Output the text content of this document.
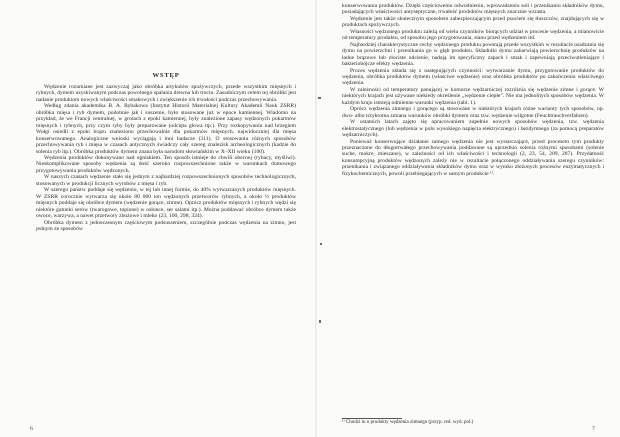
WSTĘP

Wędzenie rozumiane jest zazwyczaj jako obróbka artykułów spożywczych, przede wszystkim mięsnych i rybnych, dymem uzyskiwanym podczas powolnego spalania drewna lub trocin. Zasadniczym celem tej obróbki jest nadanie produktom nowych właściwości smakowych i zwiększenie ich trwałości podczas przechowywania.

Według zdania akademika B. A. Rybakowa (Instytut Historii Materialnej Kultury Akademii Nauk ZSRR) obróbka mięsa i ryb dymem, podobnie jak i suszenie, było stosowane już w epoce kamiennej. Wiadomo na przykład, że we Francji centralnej, w grotach z epoki kamiennej, były znalezione zapasy wędzonych pokarmów mięsnych i rybnych, przy czym ryby były preparowane (odcięta głowa itp.). Przy rozkopywaniu nad brzegiem Wołgi osiedli z epoki brązu znaleziono przechowalnie dla pokarmów mięsnych, najwidoczniej dla mięsa konserwowanego. Analogiczne wnioski wyciągają i inni badacze (311). O stosowaniu różnych sposobów przechowywania ryb i mięsa w czasach antycznych świadczy cały szereg znalezisk archeologicznych (kadzie do solenia ryb itp.). Obróbka produktów dymem znana była narodom słowiańskim w X–XII wieku (100).

Wędzenia produktów dokonywano nad ogniskiem. Ten sposób istnieje do chwili obecnej (rybacy, myśliwi). Nieskomplikowane sposoby wędzenia są dość szeroko rozpowszechnione także w warunkach domowego przygotowywania produktów wędzonych.

W naszych czasach wędzenie stało się jednym z najbardziej rozpowszechnionych sposobów technologicznych, stosowanych w produkcji licznych wyrobów z mięsa i ryb.

W szeregu państw poddaje się wędzeniu, w tej lub innej formie, do 40% wytwarzanych produktów mięsnych. W ZSRR corocznie wytwarza się około 80 000 ton wędzonych przetworów rybnych, a około ½ produktów mięsnych poddaje się obróbce dymem (wędzenie gorące, zimne). Oprócz produktów mięsnych i rybnych wędzi się niektóre gatunki serów (twarogowe, topione) w osłonce, ser salami itp.). Można poddawać obróbce dymem także owoce, warzywa, a nawet przetwory zbożowe i mleko (23, 100, 298, 324).

Obróbka dymem z jednoczesnym częściowym podsuszeniem, szczególnie podczas wędzenia na zimno, jest jednym ze sposobów

6

konserwowania produktów. Dzięki częściowemu odwodnieniu, wprowadzeniu soli i przenikaniu składników dymu, posiadających właściwości antyseptyczne, trwałość produktów mięsnych znacznie wzrasta.

Wędzenie jest także skutecznym sposobem zabezpieczającym przed psuciem się tłuszczów, znajdujących się w produktach spożywczych.

Własności wędzonego produktu zależą od wielu czynników biorących udział w procesie wędzenia, a mianowicie od temperatury produktu, od sposobu jego przygotowania, stanu przed wędzeniem itd.

Najbardziej charakterystyczne cechy wędzonego produktu powstają przede wszystkim w rezultacie osadzania się dymu na powierzchni i przenikania go w głąb produktu. Składniki dymu zabarwiają powierzchnię produktów na ładne brązowe lub złociste odcienie, nadają im specyficzny zapach i smak i zapewniają przeciwutleniające i bakteriobójcze efekty wędzenia.

Proces wędzenia składa się z następujących czynności: wytwarzanie dymu, przygotowanie produktów do wędzenia, obróbka produktów dymem (właściwe wędzenie) oraz obróbka produktów po zakończeniu właściwego wędzenia.

W zależności od temperatury panującej w komorze wędzarniczej rozróżnia się wędzenie zimne i gorące. W niektórych krajach jest używane niekiedy określenie „wędzenie ciepłe”. Nie ma jednolitych sposobów wędzenia. W każdym kraju istnieją odmienne warunki wędzenia (tabl. 1).

Oprócz wędzenia zimnego i gorącego są stosowane w niektórych krajach różne warianty tych sposobów, np. dwu- albo trzykrotna zmiana warunków obróbki dymem oraz tzw. wędzenie wilgotne (Feuchtrauchverfahren).

W ostatnich latach zajęto się opracowaniem zupełnie nowych sposobów wędzenia, tzw. wędzenia elektrostatycznego (lub wędzenia w polu wysokiego napięcia elektrycznego) i bezdymnego (za pomocą preparatów wędzarniczych).

Ponieważ konserwujące działanie samego wędzenia nie jest wystarczające, przed procesem tym produkty przeznaczone do długotrwałego przechowywania poddawane są uprzednio solenia różnymi sposobami (solenie suche, mokre, mieszane), w zależności od ich właściwości i technologii (2, 23, 54, 209, 287). Przydatność konsumpcyjną produktów wędzonych zależy nie w rezultacie połączonego oddziaływania szeregu czynników: przenikania i związanego oddziaływania składników dymu oraz w wyniku złożonych procesów enzymatycznych i fizykochemicznych, powoli przebiegających w samym produkcie ¹⁾.

¹⁾ Chodzi tu o produkty wędzenia zimnego (przyp. red. wyd. pol.)
7
